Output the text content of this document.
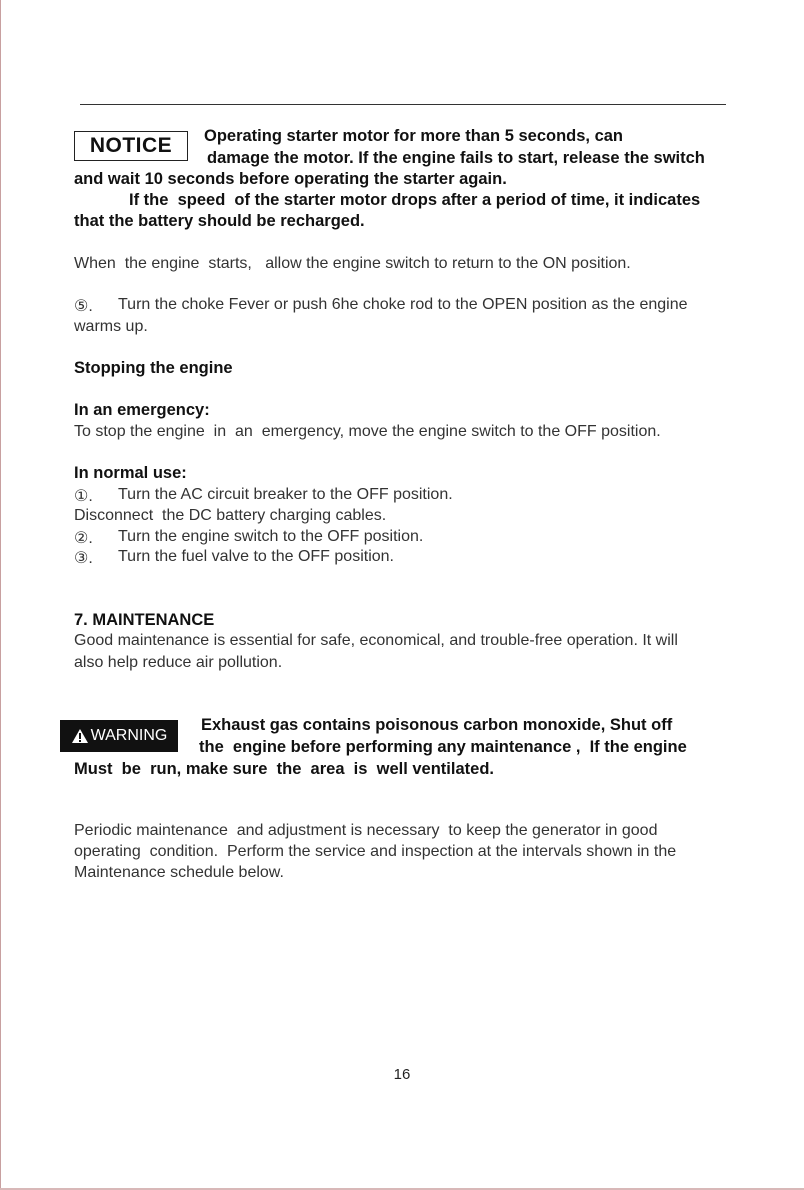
NOTICE Operating starter motor for more than 5 seconds, can
damage the motor. If the engine fails to start, release the switch
and wait 10 seconds before operating the starter again.
If the  speed  of the starter motor drops after a period of time, it indicates
that the battery should be recharged.
When  the engine  starts,   allow the engine switch to return to the ON position.
⑤. Turn the choke Fever or push 6he choke rod to the OPEN position as the engine
warms up.
Stopping the engine
In an emergency:
To stop the engine  in  an  emergency, move the engine switch to the OFF position.
In normal use:
①. Turn the AC circuit breaker to the OFF position.
Disconnect  the DC battery charging cables.
②. Turn the engine switch to the OFF position.
③. Turn the fuel valve to the OFF position.
7. MAINTENANCE
Good maintenance is essential for safe, economical, and trouble-free operation. It will
also help reduce air pollution.
WARNING
Exhaust gas contains poisonous carbon monoxide, Shut off
the  engine before performing any maintenance ,  If the engine
Must  be  run, make sure  the  area  is  well ventilated.
Periodic maintenance  and adjustment is necessary  to keep the generator in good
operating  condition.  Perform the service and inspection at the intervals shown in the
Maintenance schedule below.
16
